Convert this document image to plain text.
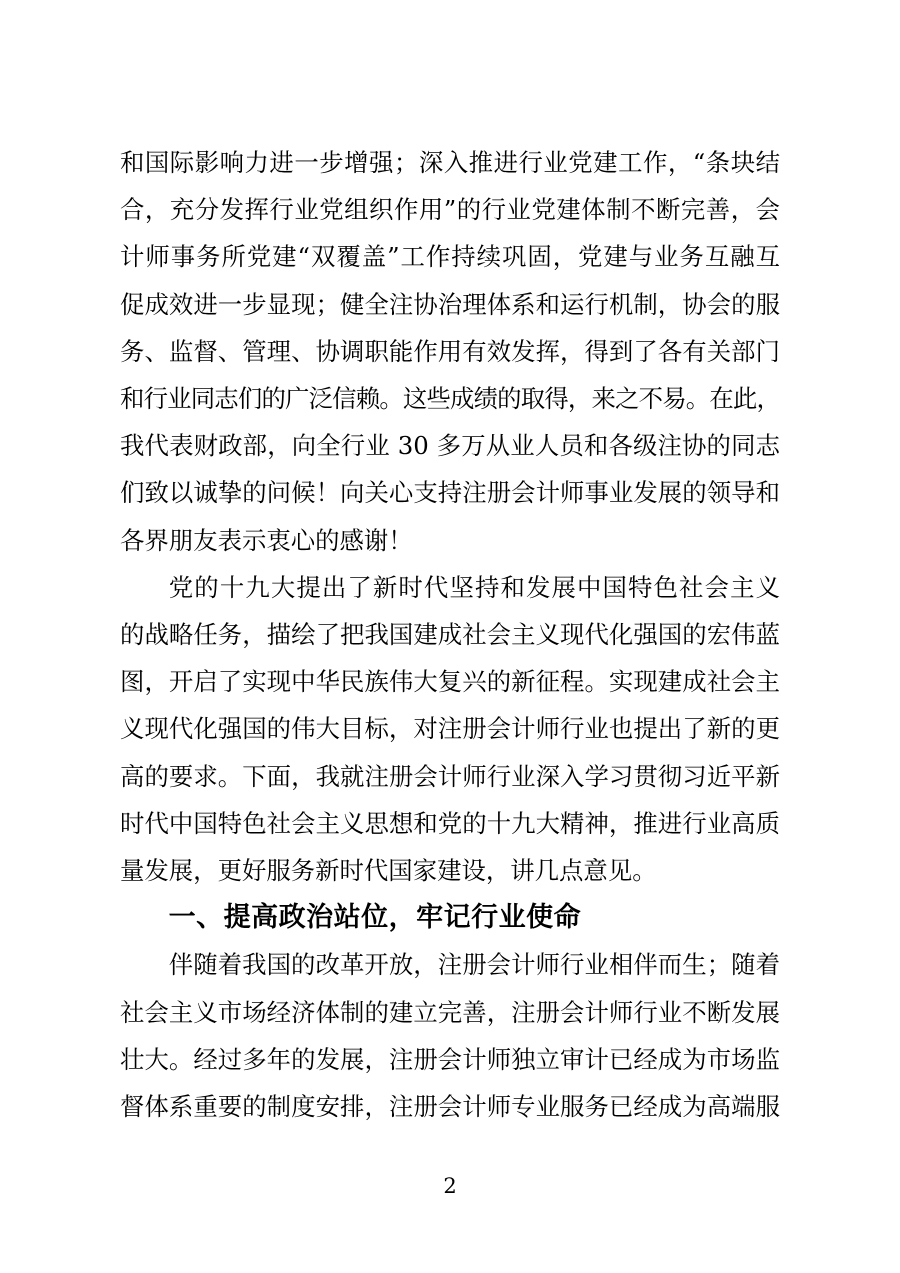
和国际影响力进一步增强；深入推进行业党建工作，“条块结
合，充分发挥行业党组织作用”的行业党建体制不断完善，会
计师事务所党建“双覆盖”工作持续巩固，党建与业务互融互
促成效进一步显现；健全注协治理体系和运行机制，协会的服
务、监督、管理、协调职能作用有效发挥，得到了各有关部门
和行业同志们的广泛信赖。这些成绩的取得，来之不易。在此，
我代表财政部，向全行业 30 多万从业人员和各级注协的同志
们致以诚挚的问候！向关心支持注册会计师事业发展的领导和
各界朋友表示衷心的感谢！
党的十九大提出了新时代坚持和发展中国特色社会主义
的战略任务，描绘了把我国建成社会主义现代化强国的宏伟蓝
图，开启了实现中华民族伟大复兴的新征程。实现建成社会主
义现代化强国的伟大目标，对注册会计师行业也提出了新的更
高的要求。下面，我就注册会计师行业深入学习贯彻习近平新
时代中国特色社会主义思想和党的十九大精神，推进行业高质
量发展，更好服务新时代国家建设，讲几点意见。
一、提高政治站位，牢记行业使命
伴随着我国的改革开放，注册会计师行业相伴而生；随着
社会主义市场经济体制的建立完善，注册会计师行业不断发展
壮大。经过多年的发展，注册会计师独立审计已经成为市场监
督体系重要的制度安排，注册会计师专业服务已经成为高端服
2
